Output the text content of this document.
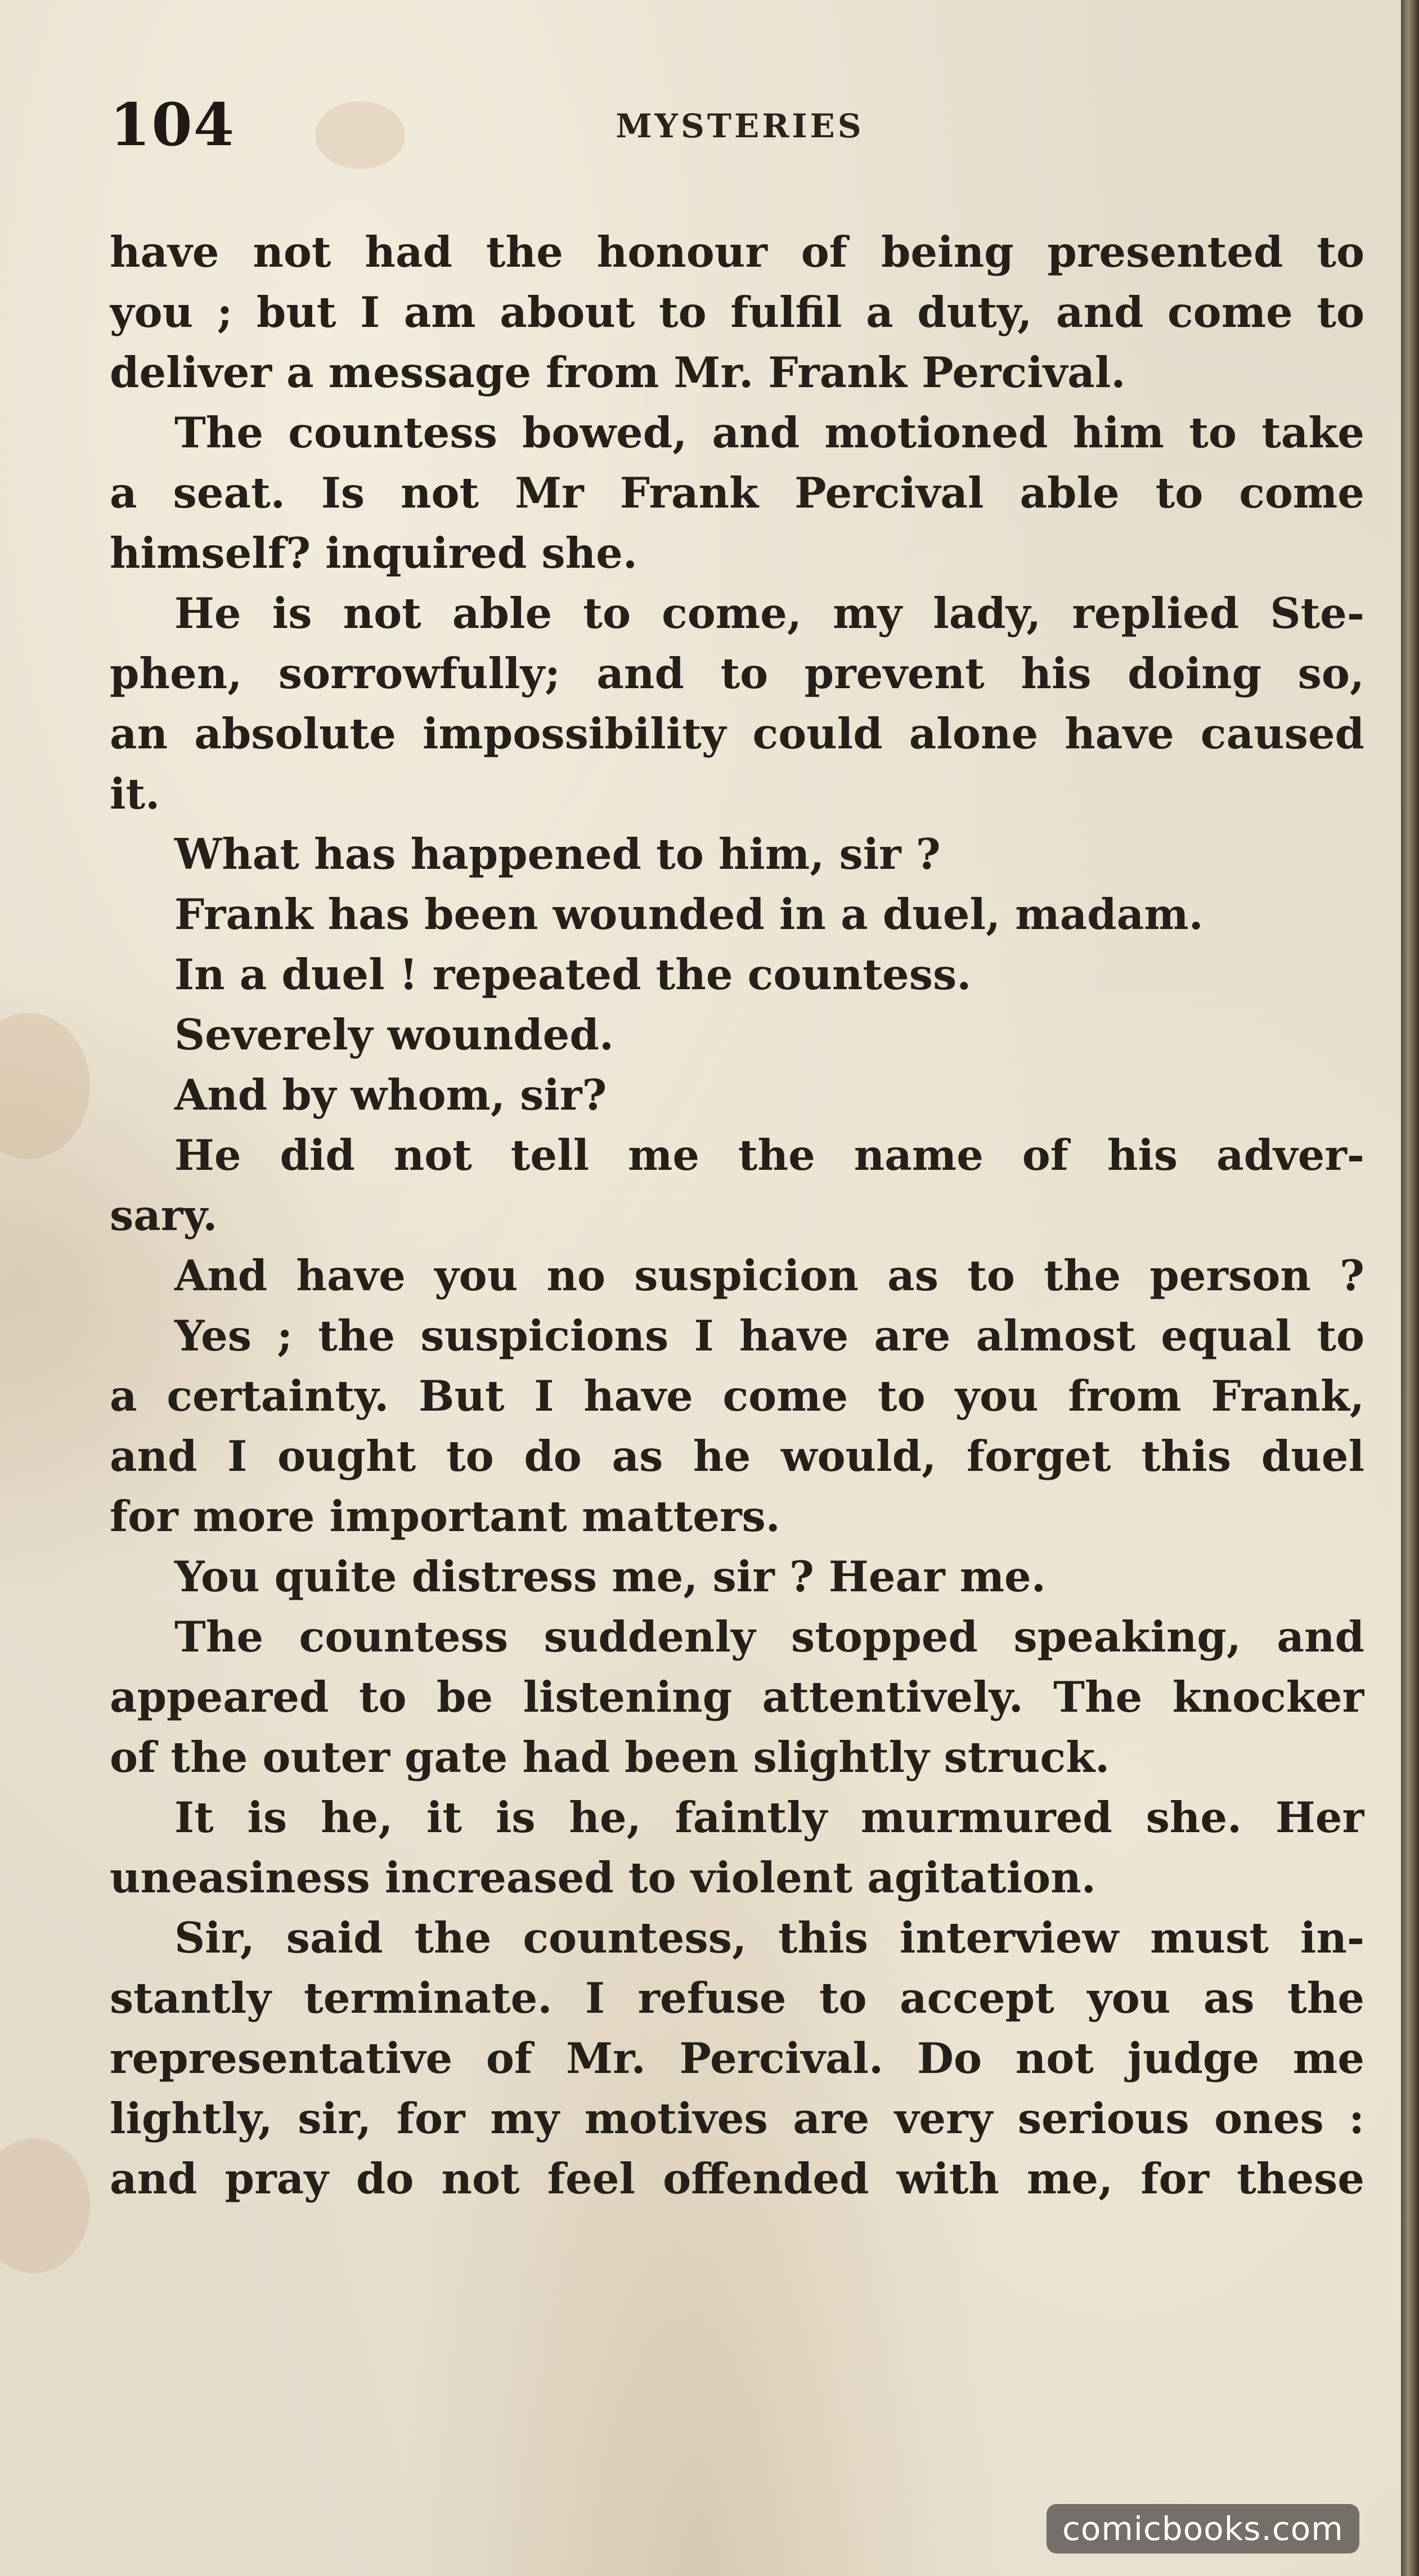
104	MYSTERIES
have not had the honour of being presented to
you ; but I am about to fulfil a duty, and come to
deliver a message from Mr. Frank Percival.
The countess bowed, and motioned him to take
a seat. Is not Mr Frank Percival able to come
himself? inquired she.
He is not able to come, my lady, replied Ste-
phen, sorrowfully; and to prevent his doing so,
an absolute impossibility could alone have caused
it.
What has happened to him, sir ?
Frank has been wounded in a duel, madam.
In a duel ! repeated the countess.
Severely wounded.
And by whom, sir?
He did not tell me the name of his adver-
sary.
And have you no suspicion as to the person ?
Yes ; the suspicions I have are almost equal to
a certainty. But I have come to you from Frank,
and I ought to do as he would, forget this duel
for more important matters.
You quite distress me, sir ? Hear me.
The countess suddenly stopped speaking, and
appeared to be listening attentively. The knocker
of the outer gate had been slightly struck.
It is he, it is he, faintly murmured she. Her
uneasiness increased to violent agitation.
Sir, said the countess, this interview must in-
stantly terminate. I refuse to accept you as the
representative of Mr. Percival. Do not judge me
lightly, sir, for my motives are very serious ones :
and pray do not feel offended with me, for these
comicbooks.com
